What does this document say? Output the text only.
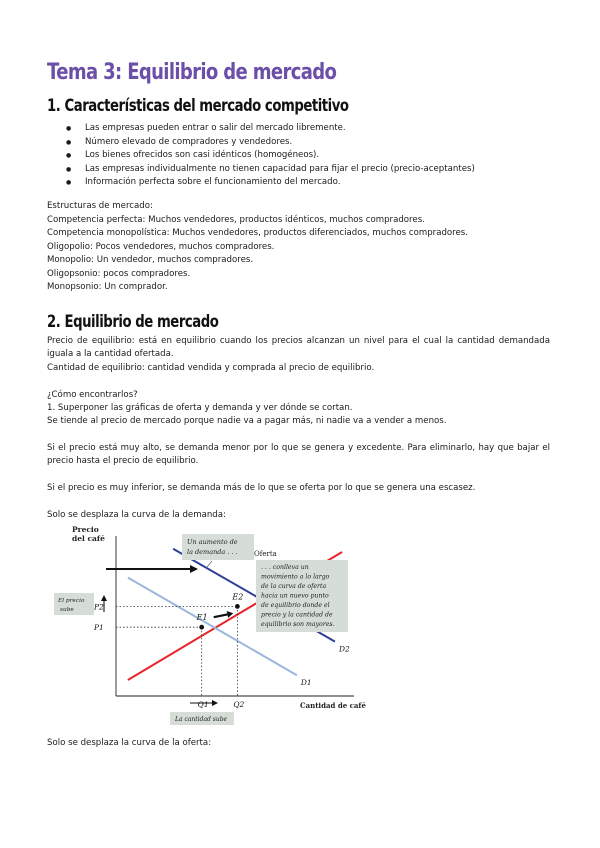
Tema 3: Equilibrio de mercado
1. Características del mercado competitivo
● Las empresas pueden entrar o salir del mercado libremente.
● Número elevado de compradores y vendedores.
● Los bienes ofrecidos son casi idénticos (homogéneos).
● Las empresas individualmente no tienen capacidad para fijar el precio (precio-aceptantes)
● Información perfecta sobre el funcionamiento del mercado.

Estructuras de mercado:

Competencia perfecta: Muchos vendedores, productos idénticos, muchos compradores.

Competencia monopolística: Muchos vendedores, productos diferenciados, muchos compradores.

Oligopolio: Pocos vendedores, muchos compradores.

Monopolio: Un vendedor, muchos compradores.

Oligopsonio: pocos compradores.

Monopsonio: Un comprador.

2. Equilibrio de mercado

Precio de equilibrio: está en equilibrio cuando los precios alcanzan un nivel para el cual la cantidad demandada iguala a la cantidad ofertada.

Cantidad de equilibrio: cantidad vendida y comprada al precio de equilibrio.

¿Cómo encontrarlos?

1. Superponer las gráficas de oferta y demanda y ver dónde se cortan.

Se tiende al precio de mercado porque nadie va a pagar más, ni nadie va a vender a menos.

Si el precio está muy alto, se demanda menor por lo que se genera y excedente. Para eliminarlo, hay que bajar el precio hasta el precio de equilibrio.

Si el precio es muy inferior, se demanda más de lo que se oferta por lo que se genera una escasez.

Solo se desplaza la curva de la demanda:

Precio
del café
Cantidad de café
E1
E2
Un aumento de
la demanda . . . Oferta
. . . conlleva un
movimiento a lo largo
de la curva de oferta
hacia un nuevo punto
de equilibrio donde el
precio y la cantidad de
equilibrio son mayores.
El precio
sube	P2
P1
Q1	Q2
La cantidad sube
D1
D2

Solo se desplaza la curva de la oferta:
